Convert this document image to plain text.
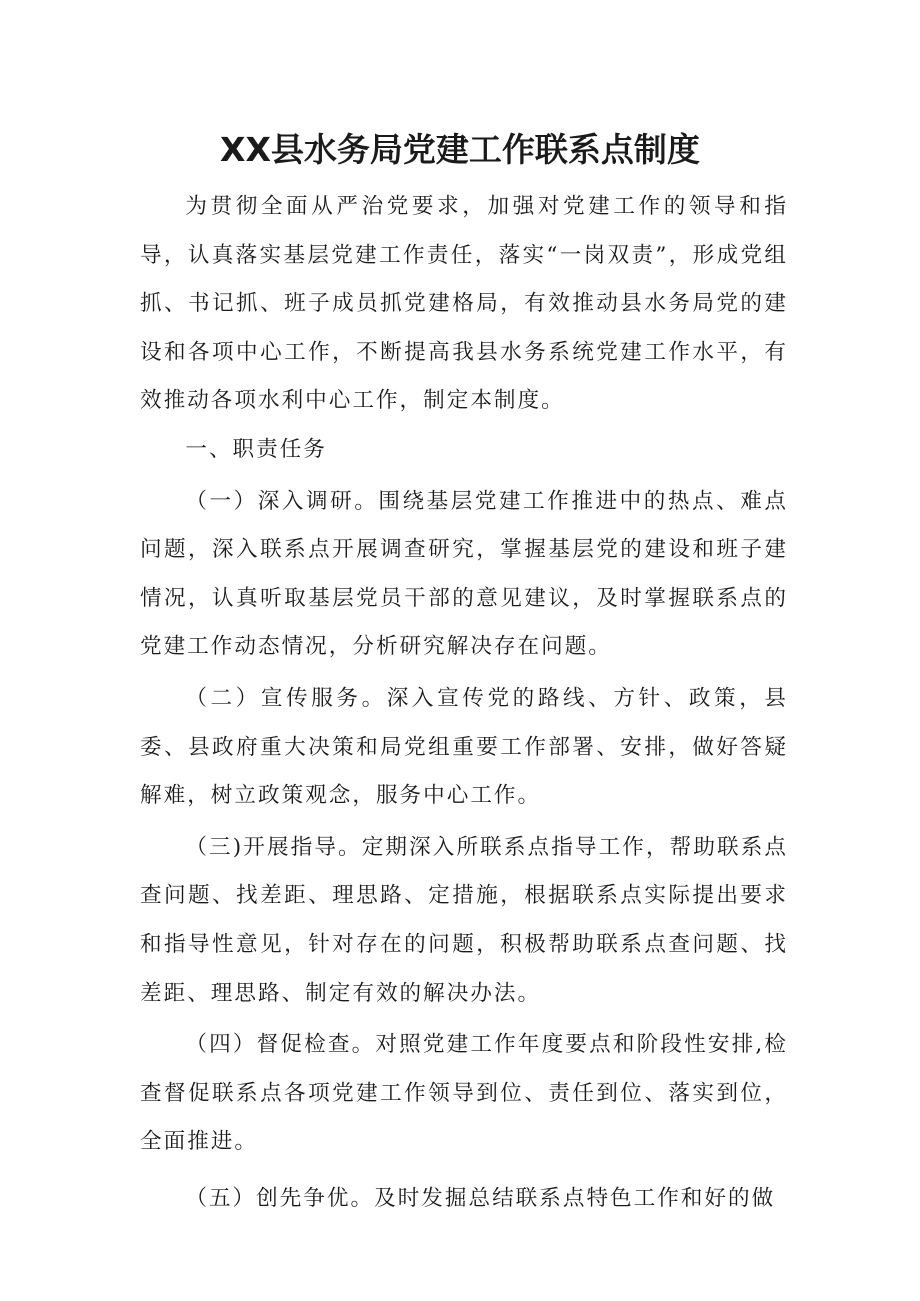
XX县水务局党建工作联系点制度

为贯彻全面从严治党要求，加强对党建工作的领导和指导，认真落实基层党建工作责任，落实“一岗双责”，形成党组抓、书记抓、班子成员抓党建格局，有效推动县水务局党的建设和各项中心工作，不断提高我县水务系统党建工作水平，有效推动各项水利中心工作，制定本制度。

一、职责任务

（一）深入调研。围绕基层党建工作推进中的热点、难点问题，深入联系点开展调查研究，掌握基层党的建设和班子建情况，认真听取基层党员干部的意见建议，及时掌握联系点的党建工作动态情况，分析研究解决存在问题。

（二）宣传服务。深入宣传党的路线、方针、政策，县委、县政府重大决策和局党组重要工作部署、安排，做好答疑解难，树立政策观念，服务中心工作。

（三)开展指导。定期深入所联系点指导工作，帮助联系点查问题、找差距、理思路、定措施，根据联系点实际提出要求和指导性意见，针对存在的问题，积极帮助联系点查问题、找差距、理思路、制定有效的解决办法。

（四）督促检查。对照党建工作年度要点和阶段性安排,检查督促联系点各项党建工作领导到位、责任到位、落实到位，全面推进。

（五）创先争优。及时发掘总结联系点特色工作和好的做
